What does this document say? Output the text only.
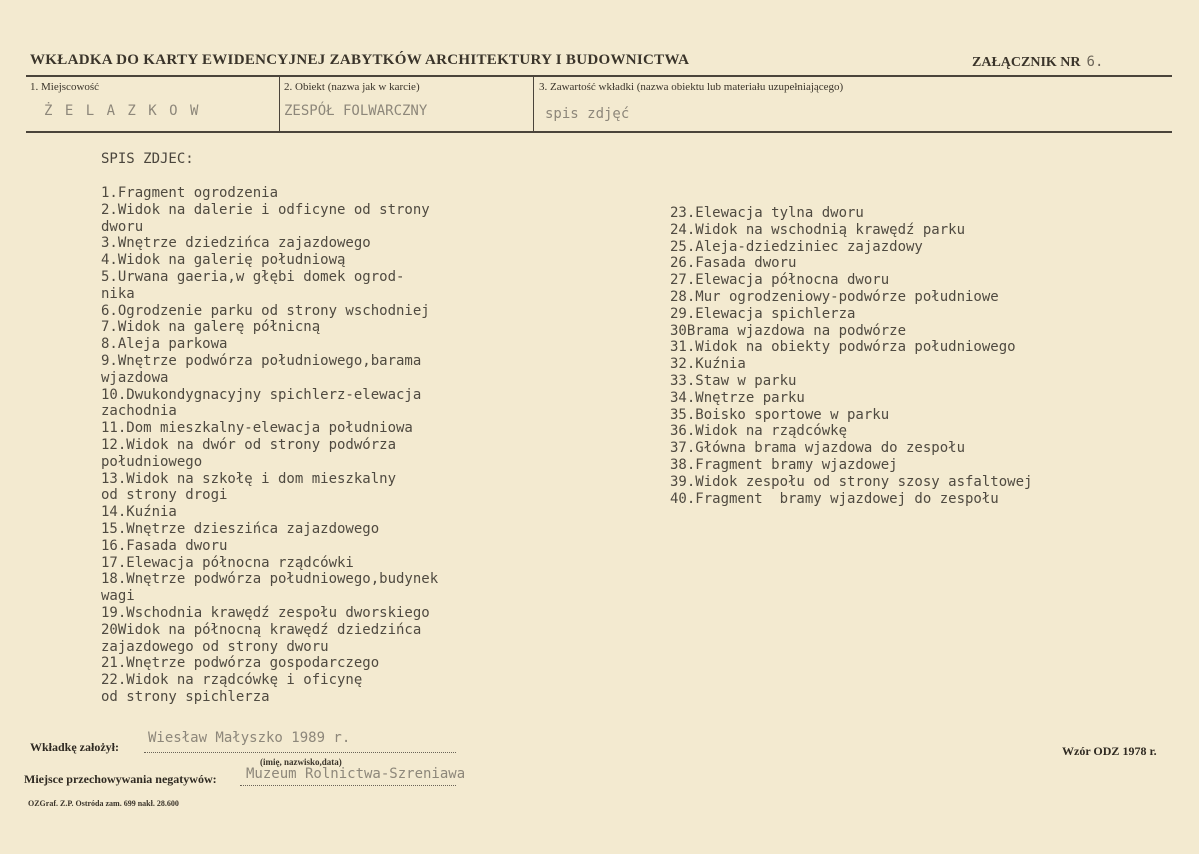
WKŁADKA DO KARTY EWIDENCYJNEJ ZABYTKÓW ARCHITEKTURY I BUDOWNICTWA	ZAŁĄCZNIK NR 6.
1. Miejscowość
Ż E L A Z K O W
2. Obiekt (nazwa jak w karcie)
ZESPÓŁ FOLWARCZNY
3. Zawartość wkładki (nazwa obiektu lub materiału uzupełniającego)
spis zdjęć
SPIS ZDJEC:
1.Fragment ogrodzenia
2.Widok na dalerie i odficyne od strony
dworu
3.Wnętrze dziedzińca zajazdowego
4.Widok na galerię południową
5.Urwana gaeria,w głębi domek ogrod-
nika
6.Ogrodzenie parku od strony wschodniej
7.Widok na galerę półnicną
8.Aleja parkowa
9.Wnętrze podwórza południowego,barama
wjazdowa
10.Dwukondygnacyjny spichlerz-elewacja
zachodnia
11.Dom mieszkalny-elewacja południowa
12.Widok na dwór od strony podwórza
południowego
13.Widok na szkołę i dom mieszkalny
od strony drogi
14.Kuźnia
15.Wnętrze dzieszińca zajazdowego
16.Fasada dworu
17.Elewacja północna rządcówki
18.Wnętrze podwórza południowego,budynek
wagi
19.Wschodnia krawędź zespołu dworskiego
20Widok na północną krawędź dziedzińca
zajazdowego od strony dworu
21.Wnętrze podwórza gospodarczego
22.Widok na rządcówkę i oficynę
od strony spichlerza
23.Elewacja tylna dworu
24.Widok na wschodnią krawędź parku
25.Aleja-dziedziniec zajazdowy
26.Fasada dworu
27.Elewacja północna dworu
28.Mur ogrodzeniowy-podwórze południowe
29.Elewacja spichlerza
30Brama wjazdowa na podwórze
31.Widok na obiekty podwórza południowego
32.Kuźnia
33.Staw w parku
34.Wnętrze parku
35.Boisko sportowe w parku
36.Widok na rządcówkę
37.Główna brama wjazdowa do zespołu
38.Fragment bramy wjazdowej
39.Widok zespołu od strony szosy asfaltowej
40.Fragment  bramy wjazdowej do zespołu
Wkładkę założył:
Wiesław Małyszko 1989 r.
(imię, nazwisko,data)
Miejsce przechowywania negatywów: Muzeum Rolnictwa-Szreniawa
Wzór ODZ 1978 r.
OZGraf. Z.P. Ostróda zam. 699 nakł. 28.600
